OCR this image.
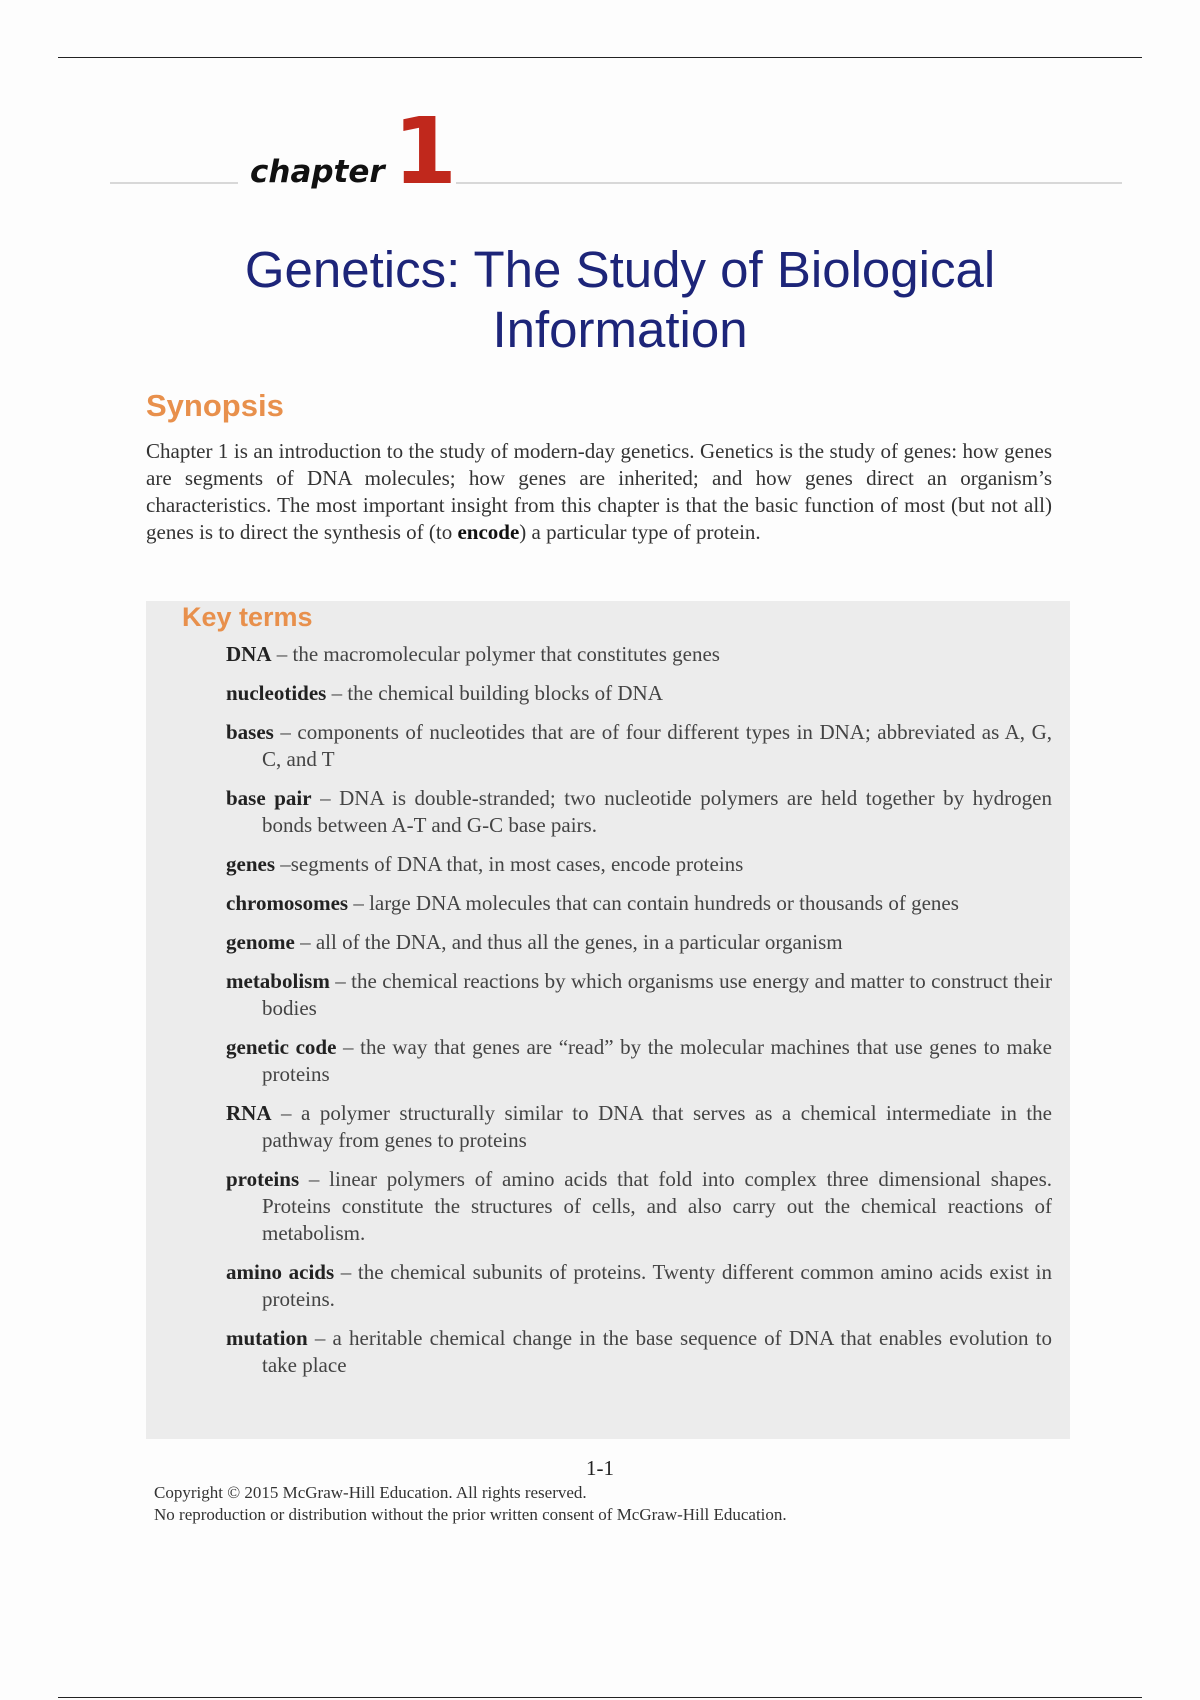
chapter 1
Genetics: The Study of Biological
Information
Synopsis

Chapter 1 is an introduction to the study of modern-day genetics. Genetics is the study of genes: how genes are segments of DNA molecules; how genes are inherited; and how genes direct an organism’s characteristics. The most important insight from this chapter is that the basic function of most (but not all) genes is to direct the synthesis of (to encode) a particular type of protein.

Key terms
DNA – the macromolecular polymer that constitutes genes
nucleotides – the chemical building blocks of DNA
bases – components of nucleotides that are of four different types in DNA; abbreviated as A, G, C, and T
base pair – DNA is double-stranded; two nucleotide polymers are held together by hydrogen bonds between A-T and G-C base pairs.
genes –segments of DNA that, in most cases, encode proteins
chromosomes – large DNA molecules that can contain hundreds or thousands of genes
genome – all of the DNA, and thus all the genes, in a particular organism
metabolism – the chemical reactions by which organisms use energy and matter to construct their bodies
genetic code – the way that genes are “read” by the molecular machines that use genes to make proteins
RNA – a polymer structurally similar to DNA that serves as a chemical intermediate in the pathway from genes to proteins
proteins – linear polymers of amino acids that fold into complex three dimensional shapes. Proteins constitute the structures of cells, and also carry out the chemical reactions of metabolism.
amino acids – the chemical subunits of proteins. Twenty different common amino acids exist in proteins.
mutation – a heritable chemical change in the base sequence of DNA that enables evolution to take place
1-1
Copyright © 2015 McGraw-Hill Education. All rights reserved.
No reproduction or distribution without the prior written consent of McGraw-Hill Education.
